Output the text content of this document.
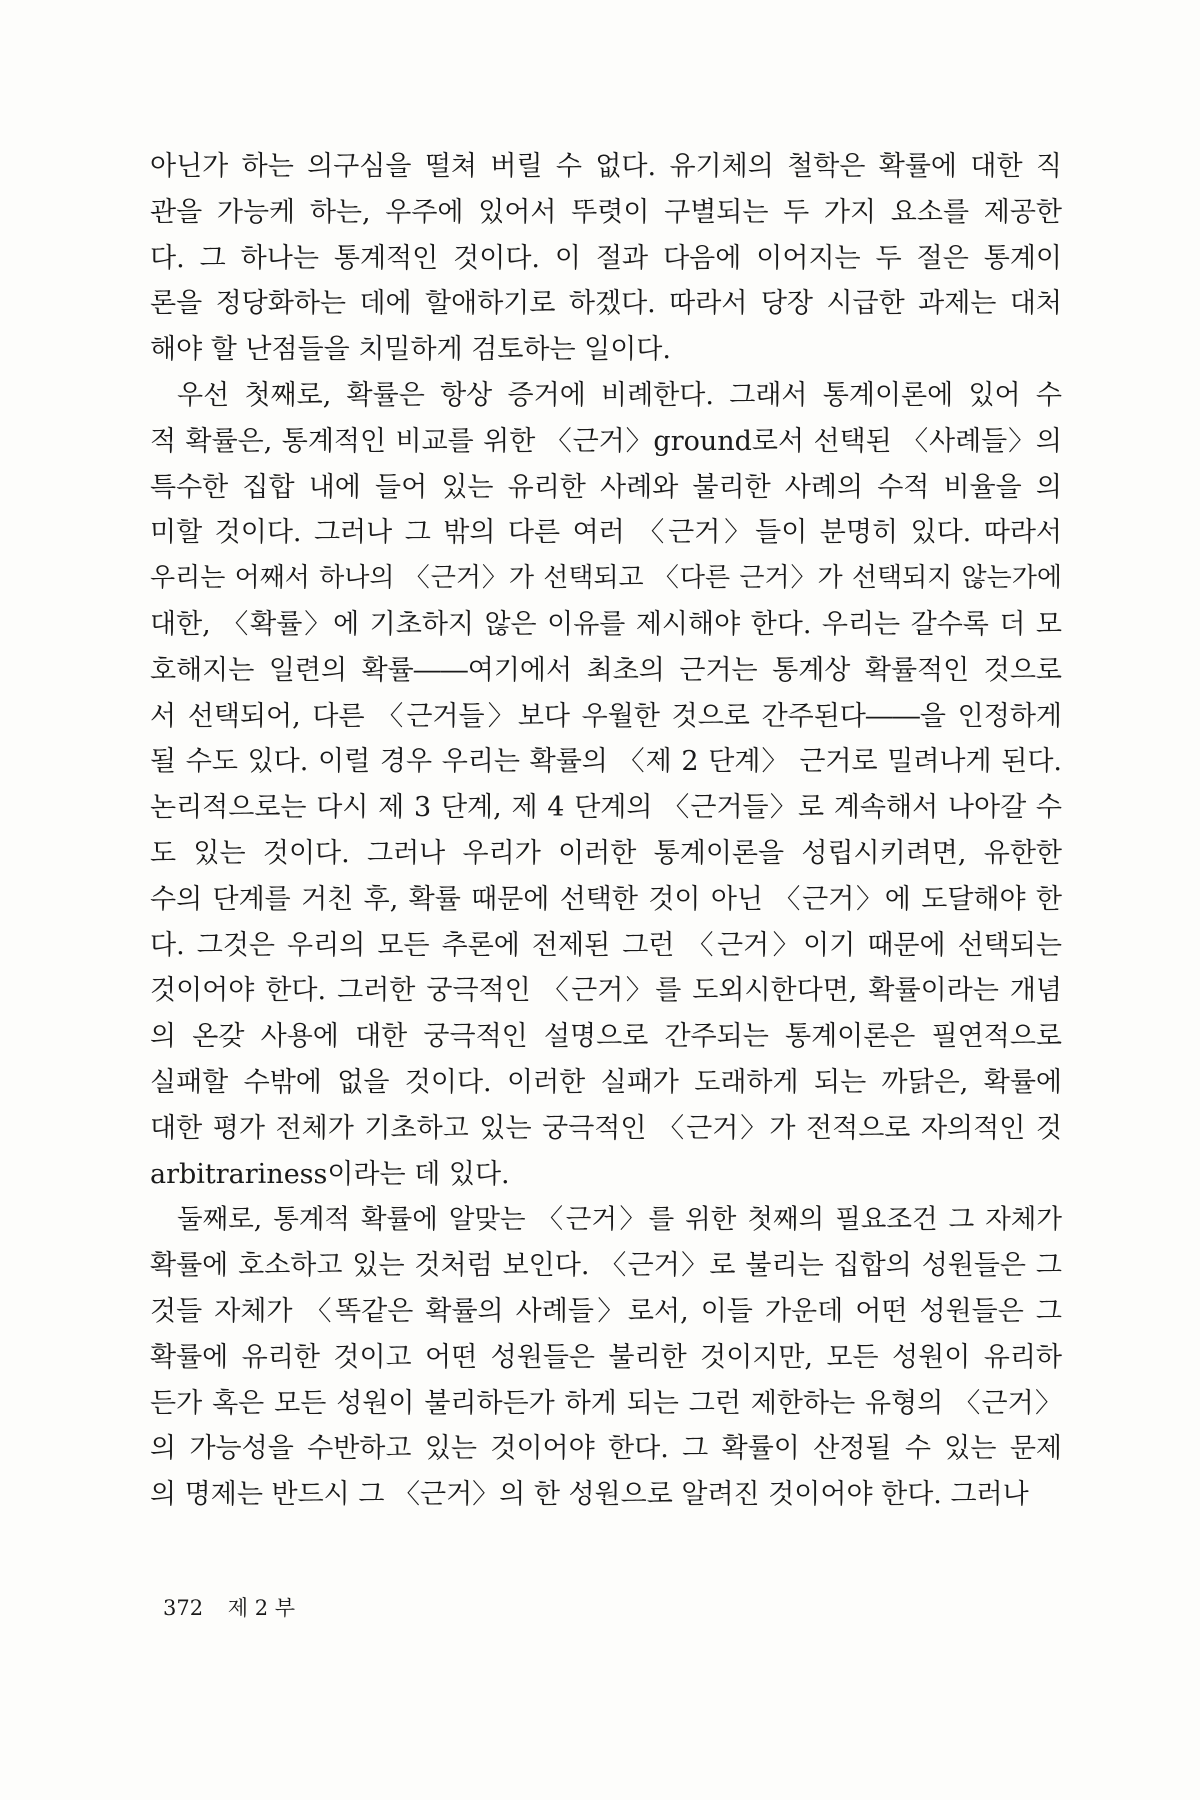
아닌가 하는 의구심을 떨쳐 버릴 수 없다. 유기체의 철학은 확률에 대한 직
관을 가능케 하는, 우주에 있어서 뚜렷이 구별되는 두 가지 요소를 제공한
다. 그 하나는 통계적인 것이다. 이 절과 다음에 이어지는 두 절은 통계이
론을 정당화하는 데에 할애하기로 하겠다. 따라서 당장 시급한 과제는 대처
해야 할 난점들을 치밀하게 검토하는 일이다.
우선 첫째로, 확률은 항상 증거에 비례한다. 그래서 통계이론에 있어 수
적 확률은, 통계적인 비교를 위한 〈근거〉ground로서 선택된 〈사례들〉의
특수한 집합 내에 들어 있는 유리한 사례와 불리한 사례의 수적 비율을 의
미할 것이다. 그러나 그 밖의 다른 여러 〈근거〉들이 분명히 있다. 따라서
우리는 어째서 하나의 〈근거〉가 선택되고 〈다른 근거〉가 선택되지 않는가에
대한, 〈확률〉에 기초하지 않은 이유를 제시해야 한다. 우리는 갈수록 더 모
호해지는 일련의 확률――여기에서 최초의 근거는 통계상 확률적인 것으로
서 선택되어, 다른 〈근거들〉보다 우월한 것으로 간주된다――을 인정하게
될 수도 있다. 이럴 경우 우리는 확률의 〈제 2 단계〉 근거로 밀려나게 된다.
논리적으로는 다시 제 3 단계, 제 4 단계의 〈근거들〉로 계속해서 나아갈 수
도 있는 것이다. 그러나 우리가 이러한 통계이론을 성립시키려면, 유한한
수의 단계를 거친 후, 확률 때문에 선택한 것이 아닌 〈근거〉에 도달해야 한
다. 그것은 우리의 모든 추론에 전제된 그런 〈근거〉이기 때문에 선택되는
것이어야 한다. 그러한 궁극적인 〈근거〉를 도외시한다면, 확률이라는 개념
의 온갖 사용에 대한 궁극적인 설명으로 간주되는 통계이론은 필연적으로
실패할 수밖에 없을 것이다. 이러한 실패가 도래하게 되는 까닭은, 확률에
대한 평가 전체가 기초하고 있는 궁극적인 〈근거〉가 전적으로 자의적인 것
arbitrariness이라는 데 있다.
둘째로, 통계적 확률에 알맞는 〈근거〉를 위한 첫째의 필요조건 그 자체가
확률에 호소하고 있는 것처럼 보인다. 〈근거〉로 불리는 집합의 성원들은 그
것들 자체가 〈똑같은 확률의 사례들〉로서, 이들 가운데 어떤 성원들은 그
확률에 유리한 것이고 어떤 성원들은 불리한 것이지만, 모든 성원이 유리하
든가 혹은 모든 성원이 불리하든가 하게 되는 그런 제한하는 유형의 〈근거〉
의 가능성을 수반하고 있는 것이어야 한다. 그 확률이 산정될 수 있는 문제
의 명제는 반드시 그 〈근거〉의 한 성원으로 알려진 것이어야 한다. 그러나
372 제 2 부
